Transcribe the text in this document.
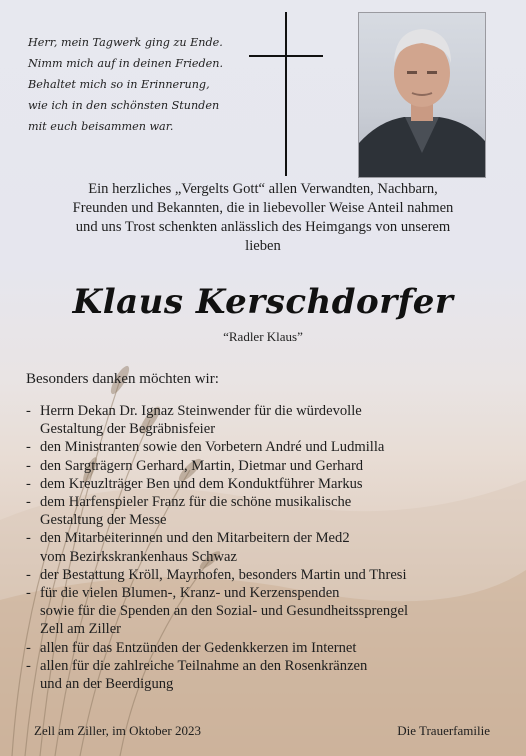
Herr, mein Tagwerk ging zu Ende.
Nimm mich auf in deinen Frieden.
Behaltet mich so in Erinnerung,
wie ich in den schönsten Stunden
mit euch beisammen war.
Ein herzliches „Vergelts Gott“ allen Verwandten, Nachbarn,
Freunden und Bekannten, die in liebevoller Weise Anteil nahmen
und uns Trost schenkten anlässlich des Heimgangs von unserem
lieben
Klaus Kerschdorfer
“Radler Klaus”
Besonders danken möchten wir:
- Herrn Dekan Dr. Ignaz Steinwender für die würdevolle
Gestaltung der Begräbnisfeier
- den Ministranten sowie den Vorbetern André und Ludmilla
- den Sargträgern Gerhard, Martin, Dietmar und Gerhard
- dem Kreuzlträger Ben und dem Konduktführer Markus
- dem Harfenspieler Franz für die schöne musikalische
Gestaltung der Messe
- den Mitarbeiterinnen und den Mitarbeitern der Med2
vom Bezirkskrankenhaus Schwaz
- der Bestattung Kröll, Mayrhofen, besonders Martin und Thresi
- für die vielen Blumen-, Kranz- und Kerzenspenden
sowie für die Spenden an den Sozial- und Gesundheitssprengel
Zell am Ziller
- allen für das Entzünden der Gedenkkerzen im Internet
- allen für die zahlreiche Teilnahme an den Rosenkränzen
und an der Beerdigung
Zell am Ziller, im Oktober 2023	Die Trauerfamilie
